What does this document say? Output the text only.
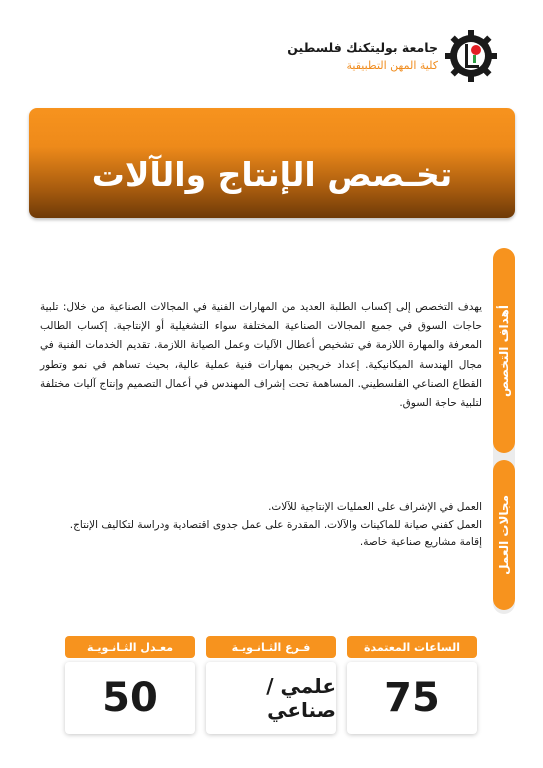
جامعة بوليتكنك فلسطين
كلية المهن التطبيقية
تخـصص الإنتاج والآلات
أهداف التخصص
مجالات العمل

يهدف التخصص إلى إكساب الطلبة العديد من المهارات الفنية في المجالات الصناعية من خلال: تلبية حاجات السوق في جميع المجالات الصناعية المختلفة سواء التشغيلية أو الإنتاجية. إكساب الطالب المعرفة والمهارة اللازمة في تشخيص أعطال الآليات وعمل الصيانة اللازمة. تقديم الخدمات الفنية في مجال الهندسة الميكانيكية. إعداد خريجين بمهارات فنية عملية عالية، بحيث تساهم في نمو وتطور القطاع الصناعي الفلسطيني. المساهمة تحت إشراف المهندس في أعمال التصميم وإنتاج آليات مختلفة لتلبية حاجة السوق.

العمل في الإشراف على العمليات الإنتاجية للآلات.
العمل كفني صيانة للماكينات والآلات. المقدرة على عمل جدوى اقتصادية ودراسة لتكاليف الإنتاج.
إقامة مشاريع صناعية خاصة.
الساعات المعتمدة
75
فـرع الثـانـويـة
علمي / صناعي
معـدل الثـانـويـة
50
